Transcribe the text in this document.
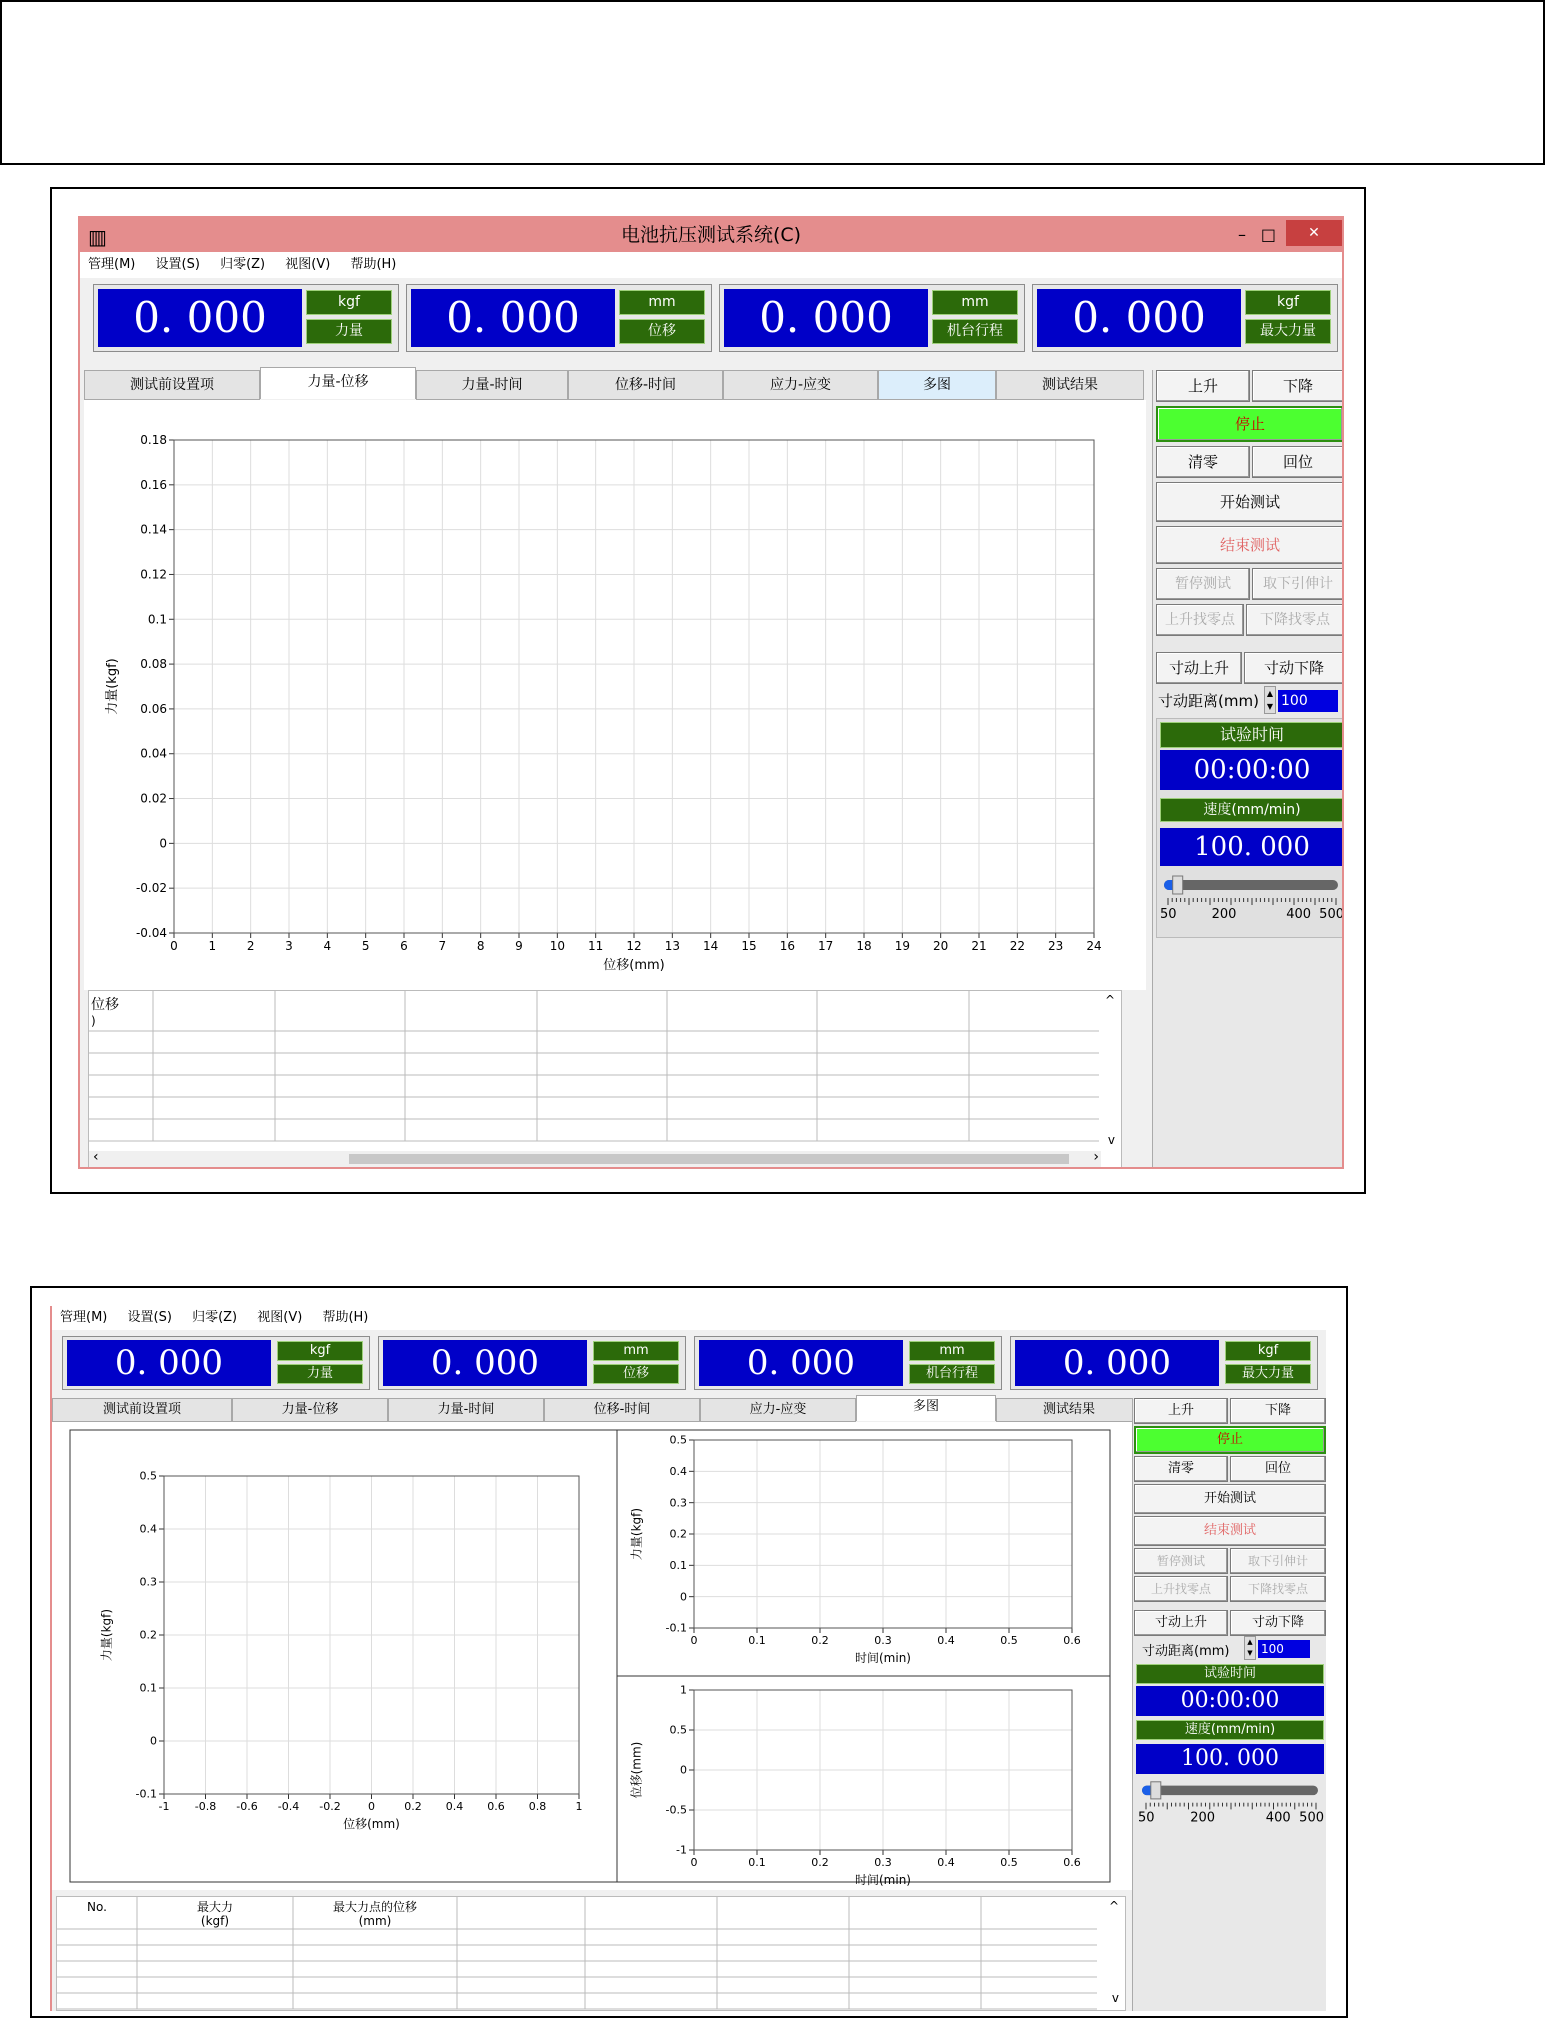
▥	电池抗压测试系统(C)	– □	✕
管理(M) 设置(S) 归零(Z) 视图(V) 帮助(H)
0. 000	kgf
力量	0. 000	mm
位移	0. 000	mm
机台行程	0. 000	kgf
最大力量
测试前设置项	力量-位移	力量-时间	位移-时间	应力-应变	多图	测试结果
0	1	2	3	4	5	6	7	8	9 10 11 12 13 14 15 16 17 18 19 20 21 22 23 24
0.18
0.16
0.14
0.12
0.1
0.08
0.06
0.04
0.02
0
-0.02
-0.04
位移(mm)
力量(kgf)
位移
)
^
v
‹	›
上升	下降
停止
清零	回位
开始测试
结束测试
暂停测试	取下引伸计
上升找零点	下降找零点
寸动上升	寸动下降
寸动距离(mm) ▲
▼ 100
试验时间
00:00:00
速度(mm/min)
100. 000
50	200	400 500
管理(M) 设置(S) 归零(Z) 视图(V) 帮助(H)
0. 000	kgf
力量	0. 000	mm
位移	0. 000	mm
机台行程	0. 000	kgf
最大力量
测试前设置项	力量-位移	力量-时间	位移-时间	应力-应变	多图	测试结果
-1 -0.8 -0.6 -0.4 -0.2 0	0.2 0.4 0.6 0.8	1
0.5
0.4
0.3
0.2
0.1
0
-0.1
位移(mm)
力量(kgf)	0	0.1	0.2	0.3	0.4	0.5	0.6
0.5
0.4
0.3
0.2
0.1
0
-0.1
时间(min)
力量(kgf)
0	0.1	0.2	0.3	0.4	0.5	0.6
1
0.5
0
-0.5
-1
时间(min)
位移(mm)
No.	最大力
(kgf)
最大力点的位移
(mm)
^
v
上升	下降
停止
清零	回位
开始测试
结束测试
暂停测试	取下引伸计
上升找零点	下降找零点
寸动上升	寸动下降
寸动距离(mm)
▲
▼ 100
试验时间
00:00:00
速度(mm/min)
100. 000
50	200	400 500
